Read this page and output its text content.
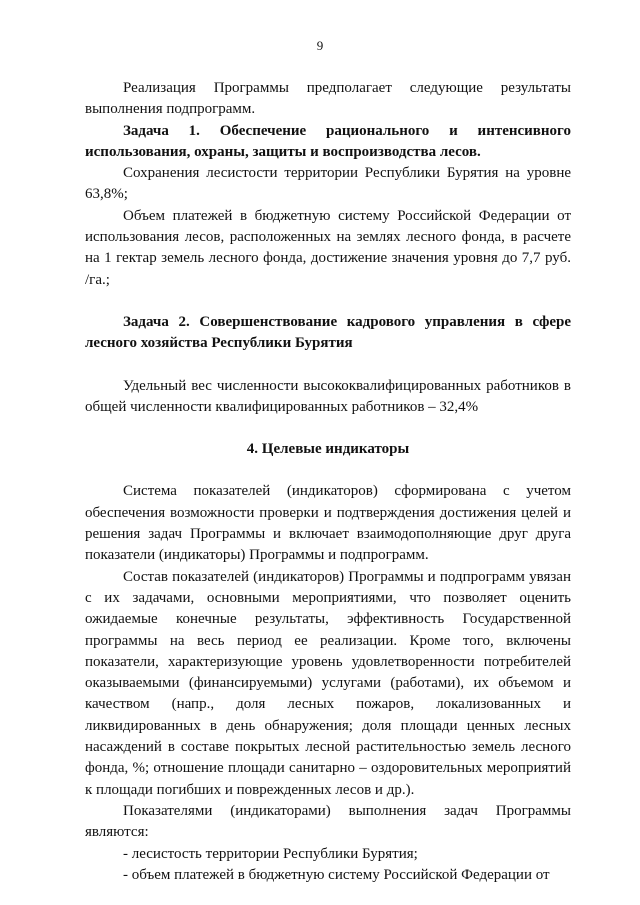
9

Реализация Программы предполагает следующие результаты выполнения подпрограмм.

Задача 1. Обеспечение рационального и интенсивного использования, охраны, защиты и воспроизводства лесов.

Сохранения лесистости территории Республики Бурятия на уровне 63,8%;

Объем платежей в бюджетную систему Российской Федерации от использования лесов, расположенных на землях лесного фонда, в расчете на 1 гектар земель лесного фонда, достижение значения уровня до 7,7 руб. /га.;

Задача 2. Совершенствование кадрового управления в сфере лесного хозяйства Республики Бурятия

Удельный вес численности высококвалифицированных работников в общей численности квалифицированных работников – 32,4%

4. Целевые индикаторы

Система показателей (индикаторов) сформирована с учетом обеспечения возможности проверки и подтверждения достижения целей и решения задач Программы и включает взаимодополняющие друг друга показатели (индикаторы) Программы и подпрограмм.

Состав показателей (индикаторов) Программы и подпрограмм увязан с их задачами, основными мероприятиями, что позволяет оценить ожидаемые конечные результаты, эффективность Государственной программы на весь период ее реализации. Кроме того, включены показатели, характеризующие уровень удовлетворенности потребителей оказываемыми (финансируемыми) услугами (работами), их объемом и качеством (напр., доля лесных пожаров, локализованных и ликвидированных в день обнаружения; доля площади ценных лесных насаждений в составе покрытых лесной растительностью земель лесного фонда, %; отношение площади санитарно – оздоровительных мероприятий к площади погибших и поврежденных лесов и др.).

Показателями (индикаторами) выполнения задач Программы являются:

- лесистость территории Республики Бурятия;

- объем платежей в бюджетную систему Российской Федерации от
